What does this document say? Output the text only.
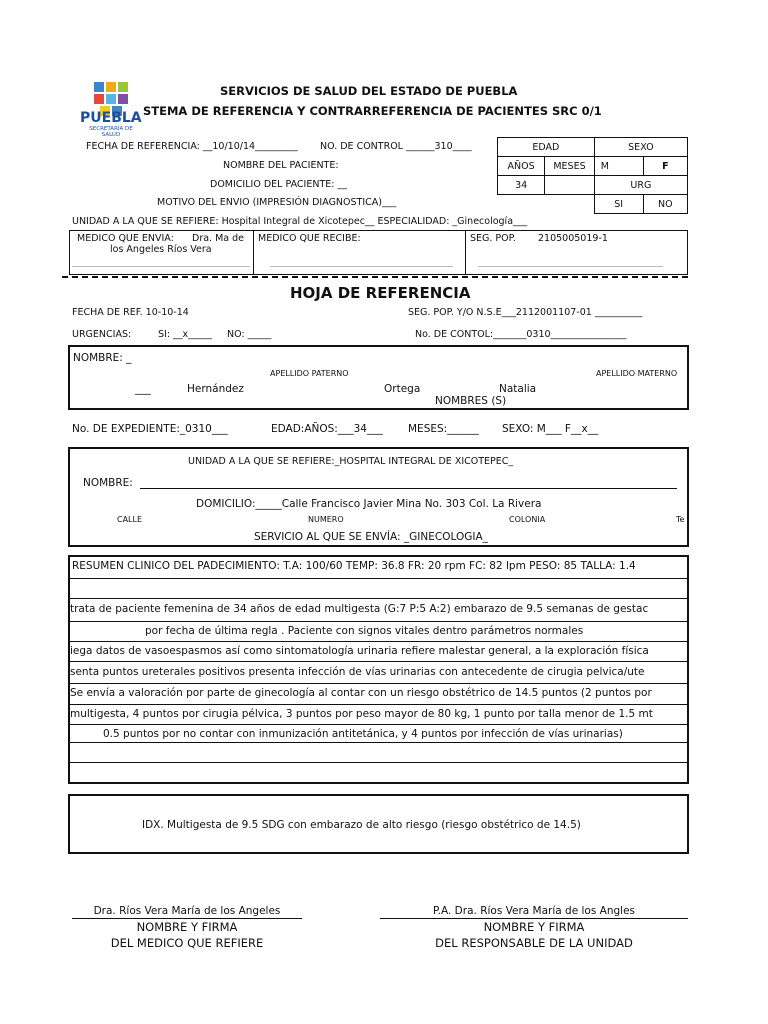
PUEBLA
SECRETARÍA DE SALUD
SERVICIOS DE SALUD DEL ESTADO DE PUEBLA
STEMA DE REFERENCIA Y CONTRARREFERENCIA DE PACIENTES SRC 0/1
FECHA DE REFERENCIA: __10/10/14_________ NO. DE CONTROL ______310____
NOMBRE DEL PACIENTE:
DOMICILIO DEL PACIENTE: __
MOTIVO DEL ENVIO (IMPRESIÓN DIAGNOSTICA)___
EDAD		SEXO	
AÑOS	MESES	M	F
34		URG	
		SI	NO
UNIDAD A LA QUE SE REFIERE: Hospital Integral de Xicotepec__ ESPECIALIDAD: _Ginecología___
MEDICO QUE ENVIA: Dra. Ma de
los Angeles Ríos Vera
MEDICO QUE RECIBE:	SEG. POP. 2105005019-1
HOJA DE REFERENCIA
FECHA DE REF. 10-10-14	SEG. POP. Y/O N.S.E___2112001107-01 __________
URGENCIAS:	SI: __x_____ NO: _____	No. DE CONTOL:_______0310________________
NOMBRE: _
APELLIDO PATERNO	APELLIDO MATERNO
___	Hernández	Ortega	Natalia
NOMBRES (S)
No. DE EXPEDIENTE:_0310___	EDAD:AÑOS:___34___ MESES:______ SEXO: M___ F__x__
UNIDAD A LA QUE SE REFIERE:_HOSPITAL INTEGRAL DE XICOTEPEC_
NOMBRE:
DOMICILIO:_____Calle Francisco Javier Mina No. 303 Col. La Rivera
CALLE	NUMERO	COLONIA	Te
SERVICIO AL QUE SE ENVÍA: _GINECOLOGIA_
RESUMEN CLINICO DEL PADECIMIENTO: T.A: 100/60 TEMP: 36.8 FR: 20 rpm FC: 82 lpm PESO: 85 TALLA: 1.4
trata de paciente femenina de 34 años de edad multigesta (G:7 P:5 A:2) embarazo de 9.5 semanas de gestac
por fecha de última regla . Paciente con signos vitales dentro parámetros normales
iega datos de vasoespasmos así como sintomatología urinaria refiere malestar general, a la exploración física
senta puntos ureterales positivos presenta infección de vías urinarias con antecedente de cirugia pelvica/ute
Se envía a valoración por parte de ginecología al contar con un riesgo obstétrico de 14.5 puntos (2 puntos por
multigesta, 4 puntos por cirugia pélvica, 3 puntos por peso mayor de 80 kg, 1 punto por talla menor de 1.5 mt
0.5 puntos por no contar con inmunización antitetánica, y 4 puntos por infección de vías urinarias)
IDX. Multigesta de 9.5 SDG con embarazo de alto riesgo (riesgo obstétrico de 14.5)
Dra. Ríos Vera María de los Angeles
NOMBRE Y FIRMA
DEL MEDICO QUE REFIERE
P.A. Dra. Ríos Vera María de los Angles
NOMBRE Y FIRMA
DEL RESPONSABLE DE LA UNIDAD
